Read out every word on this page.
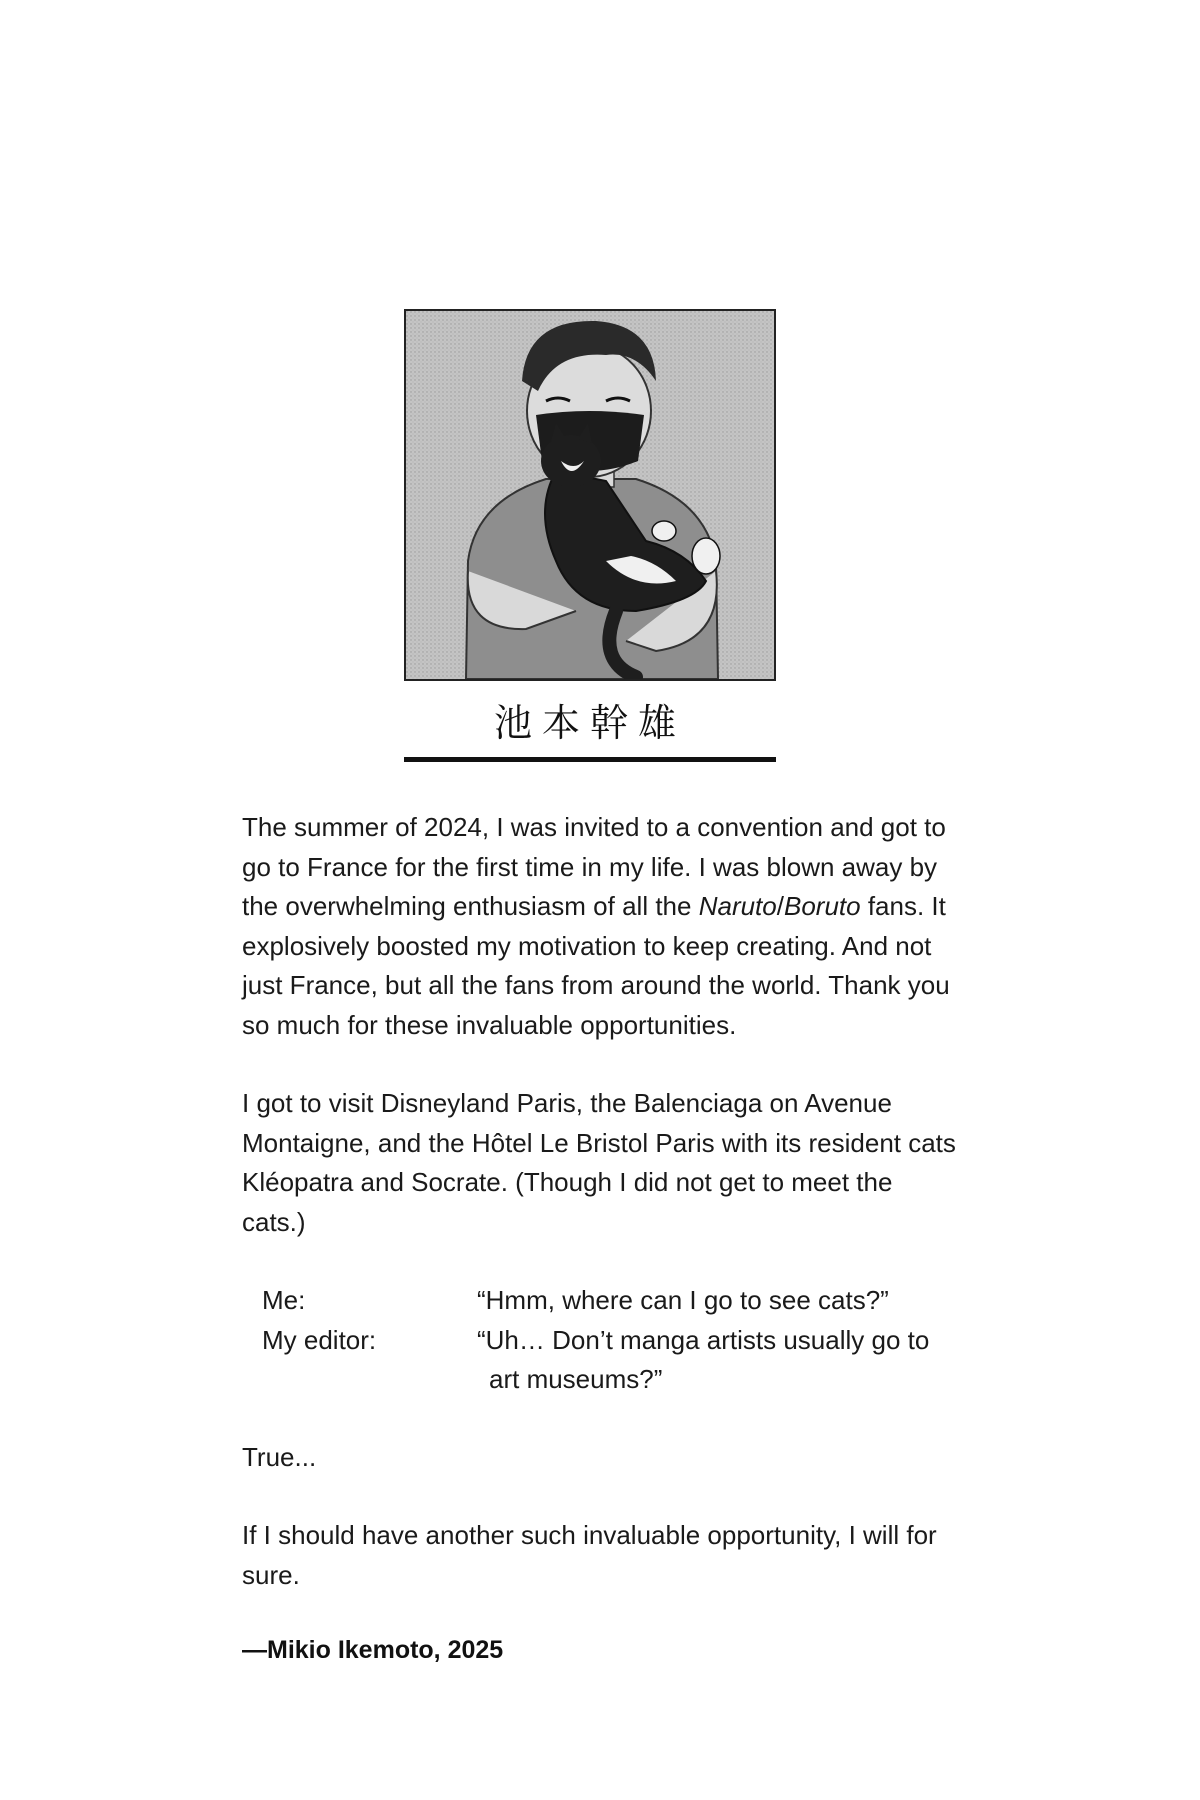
池本幹雄

The summer of 2024, I was invited to a convention and got to go to France for the first time in my life. I was blown away by the overwhelming enthusiasm of all the Naruto/Boruto fans. It explosively boosted my motivation to keep creating. And not just France, but all the fans from around the world. Thank you so much for these invaluable opportunities.

I got to visit Disneyland Paris, the Balenciaga on Avenue Montaigne, and the Hôtel Le Bristol Paris with its resident cats Kléopatra and Socrate. (Though I did not get to meet the cats.)

Me:	“Hmm, where can I go to see cats?”
My editor:	“Uh… Don’t manga artists usually go to
art museums?”

True...

If I should have another such invaluable opportunity, I will for sure.

—Mikio Ikemoto, 2025
